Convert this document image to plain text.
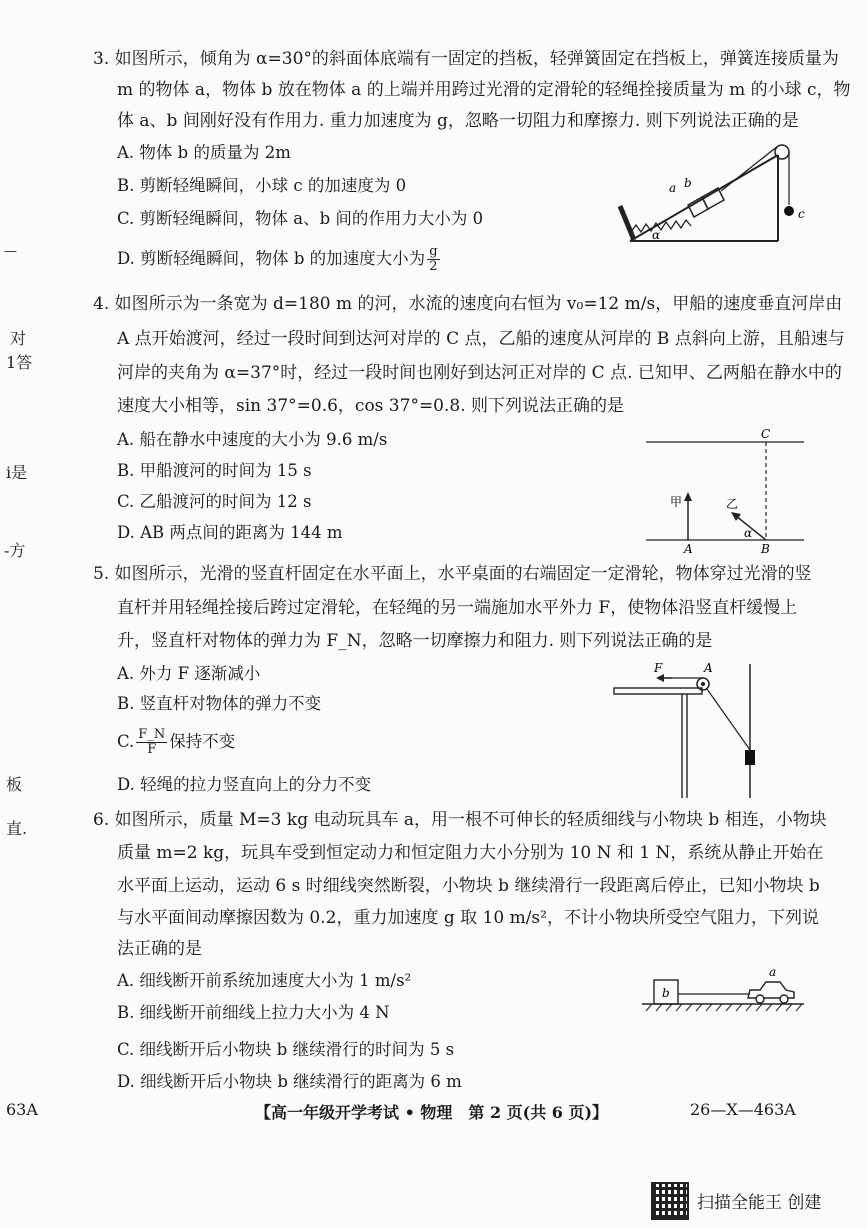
—
对
1答
i是
-方
板
直.
3. 如图所示，倾角为 α=30°的斜面体底端有一固定的挡板，轻弹簧固定在挡板上，弹簧连接质量为
m 的物体 a，物体 b 放在物体 a 的上端并用跨过光滑的定滑轮的轻绳拴接质量为 m 的小球 c，物
体 a、b 间刚好没有作用力. 重力加速度为 g，忽略一切阻力和摩擦力. 则下列说法正确的是
A. 物体 b 的质量为 2m
B. 剪断轻绳瞬间，小球 c 的加速度为 0
C. 剪断轻绳瞬间，物体 a、b 间的作用力大小为 0
D. 剪断轻绳瞬间，物体 b 的加速度大小为 $\frac{g}{2}$
a b
c
α
4. 如图所示为一条宽为 d=180 m 的河，水流的速度向右恒为 v₀=12 m/s，甲船的速度垂直河岸由
A 点开始渡河，经过一段时间到达河对岸的 C 点，乙船的速度从河岸的 B 点斜向上游，且船速与
河岸的夹角为 α=37°时，经过一段时间也刚好到达河正对岸的 C 点. 已知甲、乙两船在静水中的
速度大小相等，sin 37°=0.6，cos 37°=0.8. 则下列说法正确的是
A. 船在静水中速度的大小为 9.6 m/s
B. 甲船渡河的时间为 15 s
C. 乙船渡河的时间为 12 s
D. AB 两点间的距离为 144 m
C
甲	乙
α
A	B
5. 如图所示，光滑的竖直杆固定在水平面上，水平桌面的右端固定一定滑轮，物体穿过光滑的竖
直杆并用轻绳拴接后跨过定滑轮，在轻绳的另一端施加水平外力 F，使物体沿竖直杆缓慢上
升，竖直杆对物体的弹力为 F_N，忽略一切摩擦力和阻力. 则下列说法正确的是
A. 外力 F 逐渐减小
B. 竖直杆对物体的弹力不变
C. $\frac{F\_N}{F}$ 保持不变
D. 轻绳的拉力竖直向上的分力不变
F	A
6. 如图所示，质量 M=3 kg 电动玩具车 a，用一根不可伸长的轻质细线与小物块 b 相连，小物块
质量 m=2 kg，玩具车受到恒定动力和恒定阻力大小分别为 10 N 和 1 N，系统从静止开始在
水平面上运动，运动 6 s 时细线突然断裂，小物块 b 继续滑行一段距离后停止，已知小物块 b
与水平面间动摩擦因数为 0.2，重力加速度 g 取 10 m/s²，不计小物块所受空气阻力，下列说
法正确的是
A. 细线断开前系统加速度大小为 1 m/s²
B. 细线断开前细线上拉力大小为 4 N
C. 细线断开后小物块 b 继续滑行的时间为 5 s
D. 细线断开后小物块 b 继续滑行的距离为 6 m
b
a
63A	【高一年级开学考试 • 物理　第 2 页(共 6 页)】	26—X—463A
扫描全能王 创建
